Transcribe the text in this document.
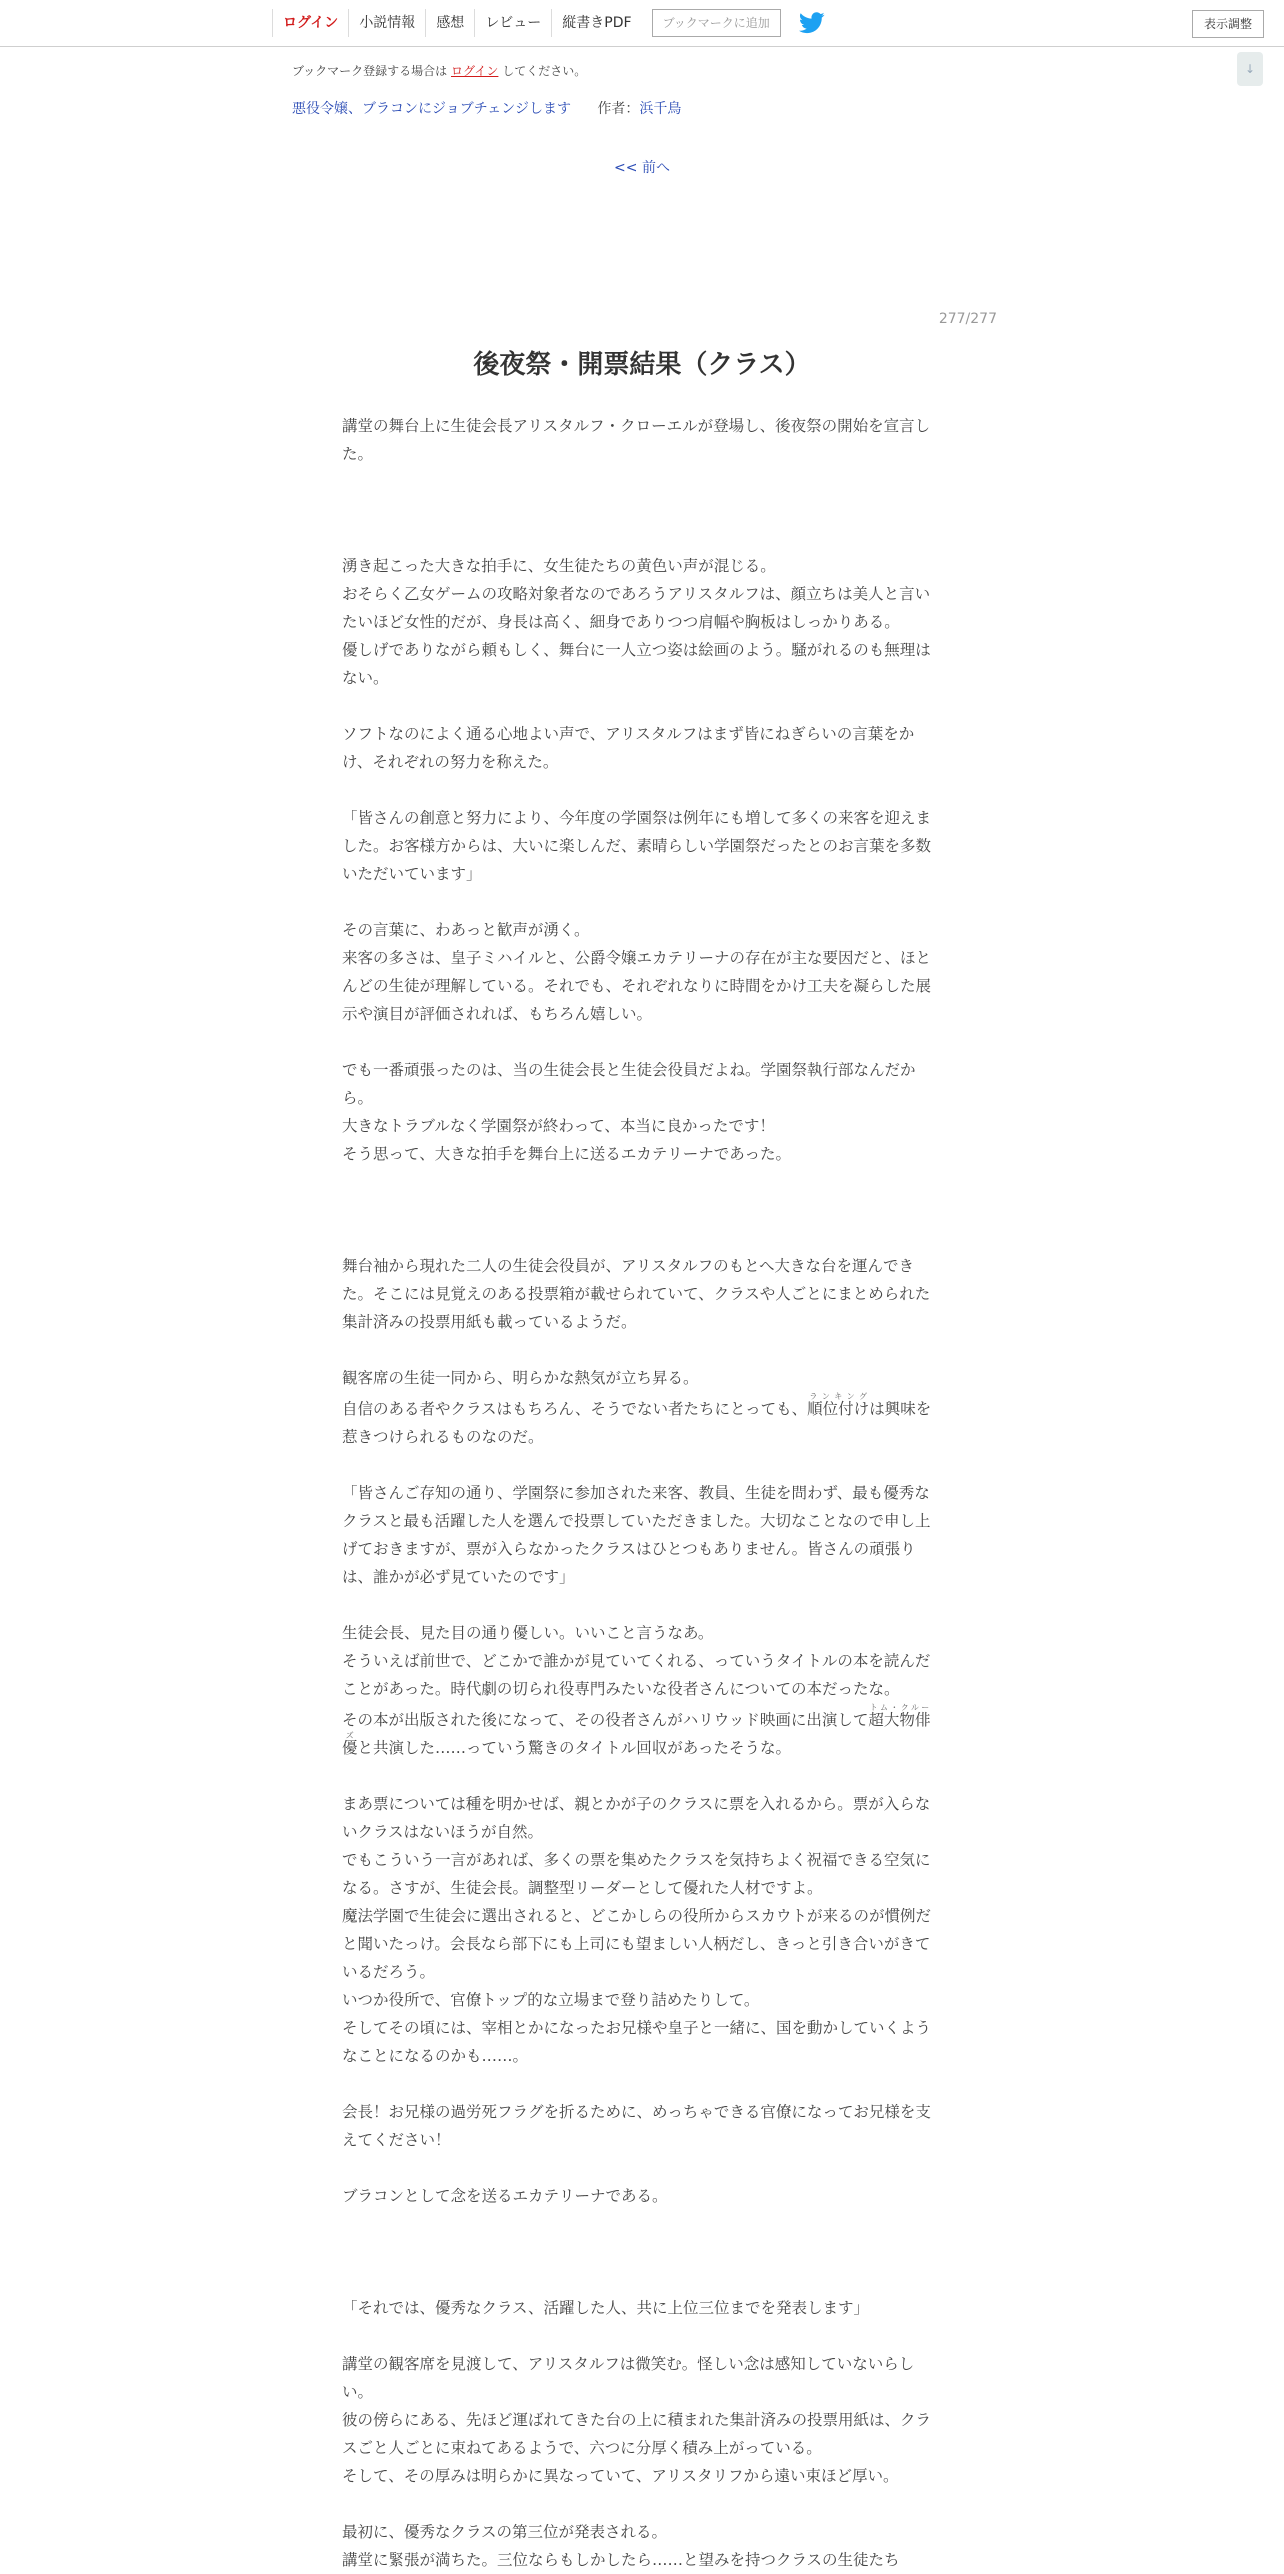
ログイン	小説情報	感想	レビュー	縦書きPDF	ブックマークに追加	表示調整
↓
ブックマーク登録する場合は ログイン してください。
悪役令嬢、ブラコンにジョブチェンジします 作者：浜千鳥
<< 前へ
277/277
後夜祭・開票結果（クラス）

講堂の舞台上に生徒会長アリスタルフ・クローエルが登場し、後夜祭の開始を宣言した。

湧き起こった大きな拍手に、女生徒たちの黄色い声が混じる。

おそらく乙女ゲームの攻略対象者なのであろうアリスタルフは、顔立ちは美人と言いたいほど女性的だが、身長は高く、細身でありつつ肩幅や胸板はしっかりある。

優しげでありながら頼もしく、舞台に一人立つ姿は絵画のよう。騒がれるのも無理はない。

ソフトなのによく通る心地よい声で、アリスタルフはまず皆にねぎらいの言葉をかけ、それぞれの努力を称えた。

「皆さんの創意と努力により、今年度の学園祭は例年にも増して多くの来客を迎えました。お客様方からは、大いに楽しんだ、素晴らしい学園祭だったとのお言葉を多数いただいています」

その言葉に、わあっと歓声が湧く。

来客の多さは、皇子ミハイルと、公爵令嬢エカテリーナの存在が主な要因だと、ほとんどの生徒が理解している。それでも、それぞれなりに時間をかけ工夫を凝らした展示や演目が評価されれば、もちろん嬉しい。

でも一番頑張ったのは、当の生徒会長と生徒会役員だよね。学園祭執行部なんだから。

大きなトラブルなく学園祭が終わって、本当に良かったです！

そう思って、大きな拍手を舞台上に送るエカテリーナであった。

舞台袖から現れた二人の生徒会役員が、アリスタルフのもとへ大きな台を運んできた。そこには見覚えのある投票箱が載せられていて、クラスや人ごとにまとめられた集計済みの投票用紙も載っているようだ。

観客席の生徒一同から、明らかな熱気が立ち昇る。

自信のある者やクラスはもちろん、そうでない者たちにとっても、順位付けランキングは興味を惹きつけられるものなのだ。

「皆さんご存知の通り、学園祭に参加された来客、教員、生徒を問わず、最も優秀なクラスと最も活躍した人を選んで投票していただきました。大切なことなので申し上げておきますが、票が入らなかったクラスはひとつもありません。皆さんの頑張りは、誰かが必ず見ていたのです」

生徒会長、見た目の通り優しい。いいこと言うなあ。

そういえば前世で、どこかで誰かが見ていてくれる、っていうタイトルの本を読んだことがあった。時代劇の切られ役専門みたいな役者さんについての本だったな。

その本が出版された後になって、その役者さんがハリウッド映画に出演して超大物俳優トム・クルーズと共演した……っていう驚きのタイトル回収があったそうな。

まあ票については種を明かせば、親とかが子のクラスに票を入れるから。票が入らないクラスはないほうが自然。

でもこういう一言があれば、多くの票を集めたクラスを気持ちよく祝福できる空気になる。さすが、生徒会長。調整型リーダーとして優れた人材ですよ。

魔法学園で生徒会に選出されると、どこかしらの役所からスカウトが来るのが慣例だと聞いたっけ。会長なら部下にも上司にも望ましい人柄だし、きっと引き合いがきているだろう。

いつか役所で、官僚トップ的な立場まで登り詰めたりして。

そしてその頃には、宰相とかになったお兄様や皇子と一緒に、国を動かしていくようなことになるのかも……。

会長！お兄様の過労死フラグを折るために、めっちゃできる官僚になってお兄様を支えてください！

ブラコンとして念を送るエカテリーナである。

「それでは、優秀なクラス、活躍した人、共に上位三位までを発表します」

講堂の観客席を見渡して、アリスタルフは微笑む。怪しい念は感知していないらしい。

彼の傍らにある、先ほど運ばれてきた台の上に積まれた集計済みの投票用紙は、クラスごと人ごとに束ねてあるようで、六つに分厚く積み上がっている。

そして、その厚みは明らかに異なっていて、アリスタリフから遠い束ほど厚い。

最初に、優秀なクラスの第三位が発表される。

講堂に緊張が満ちた。三位ならもしかしたら……と望みを持つクラスの生徒たち
